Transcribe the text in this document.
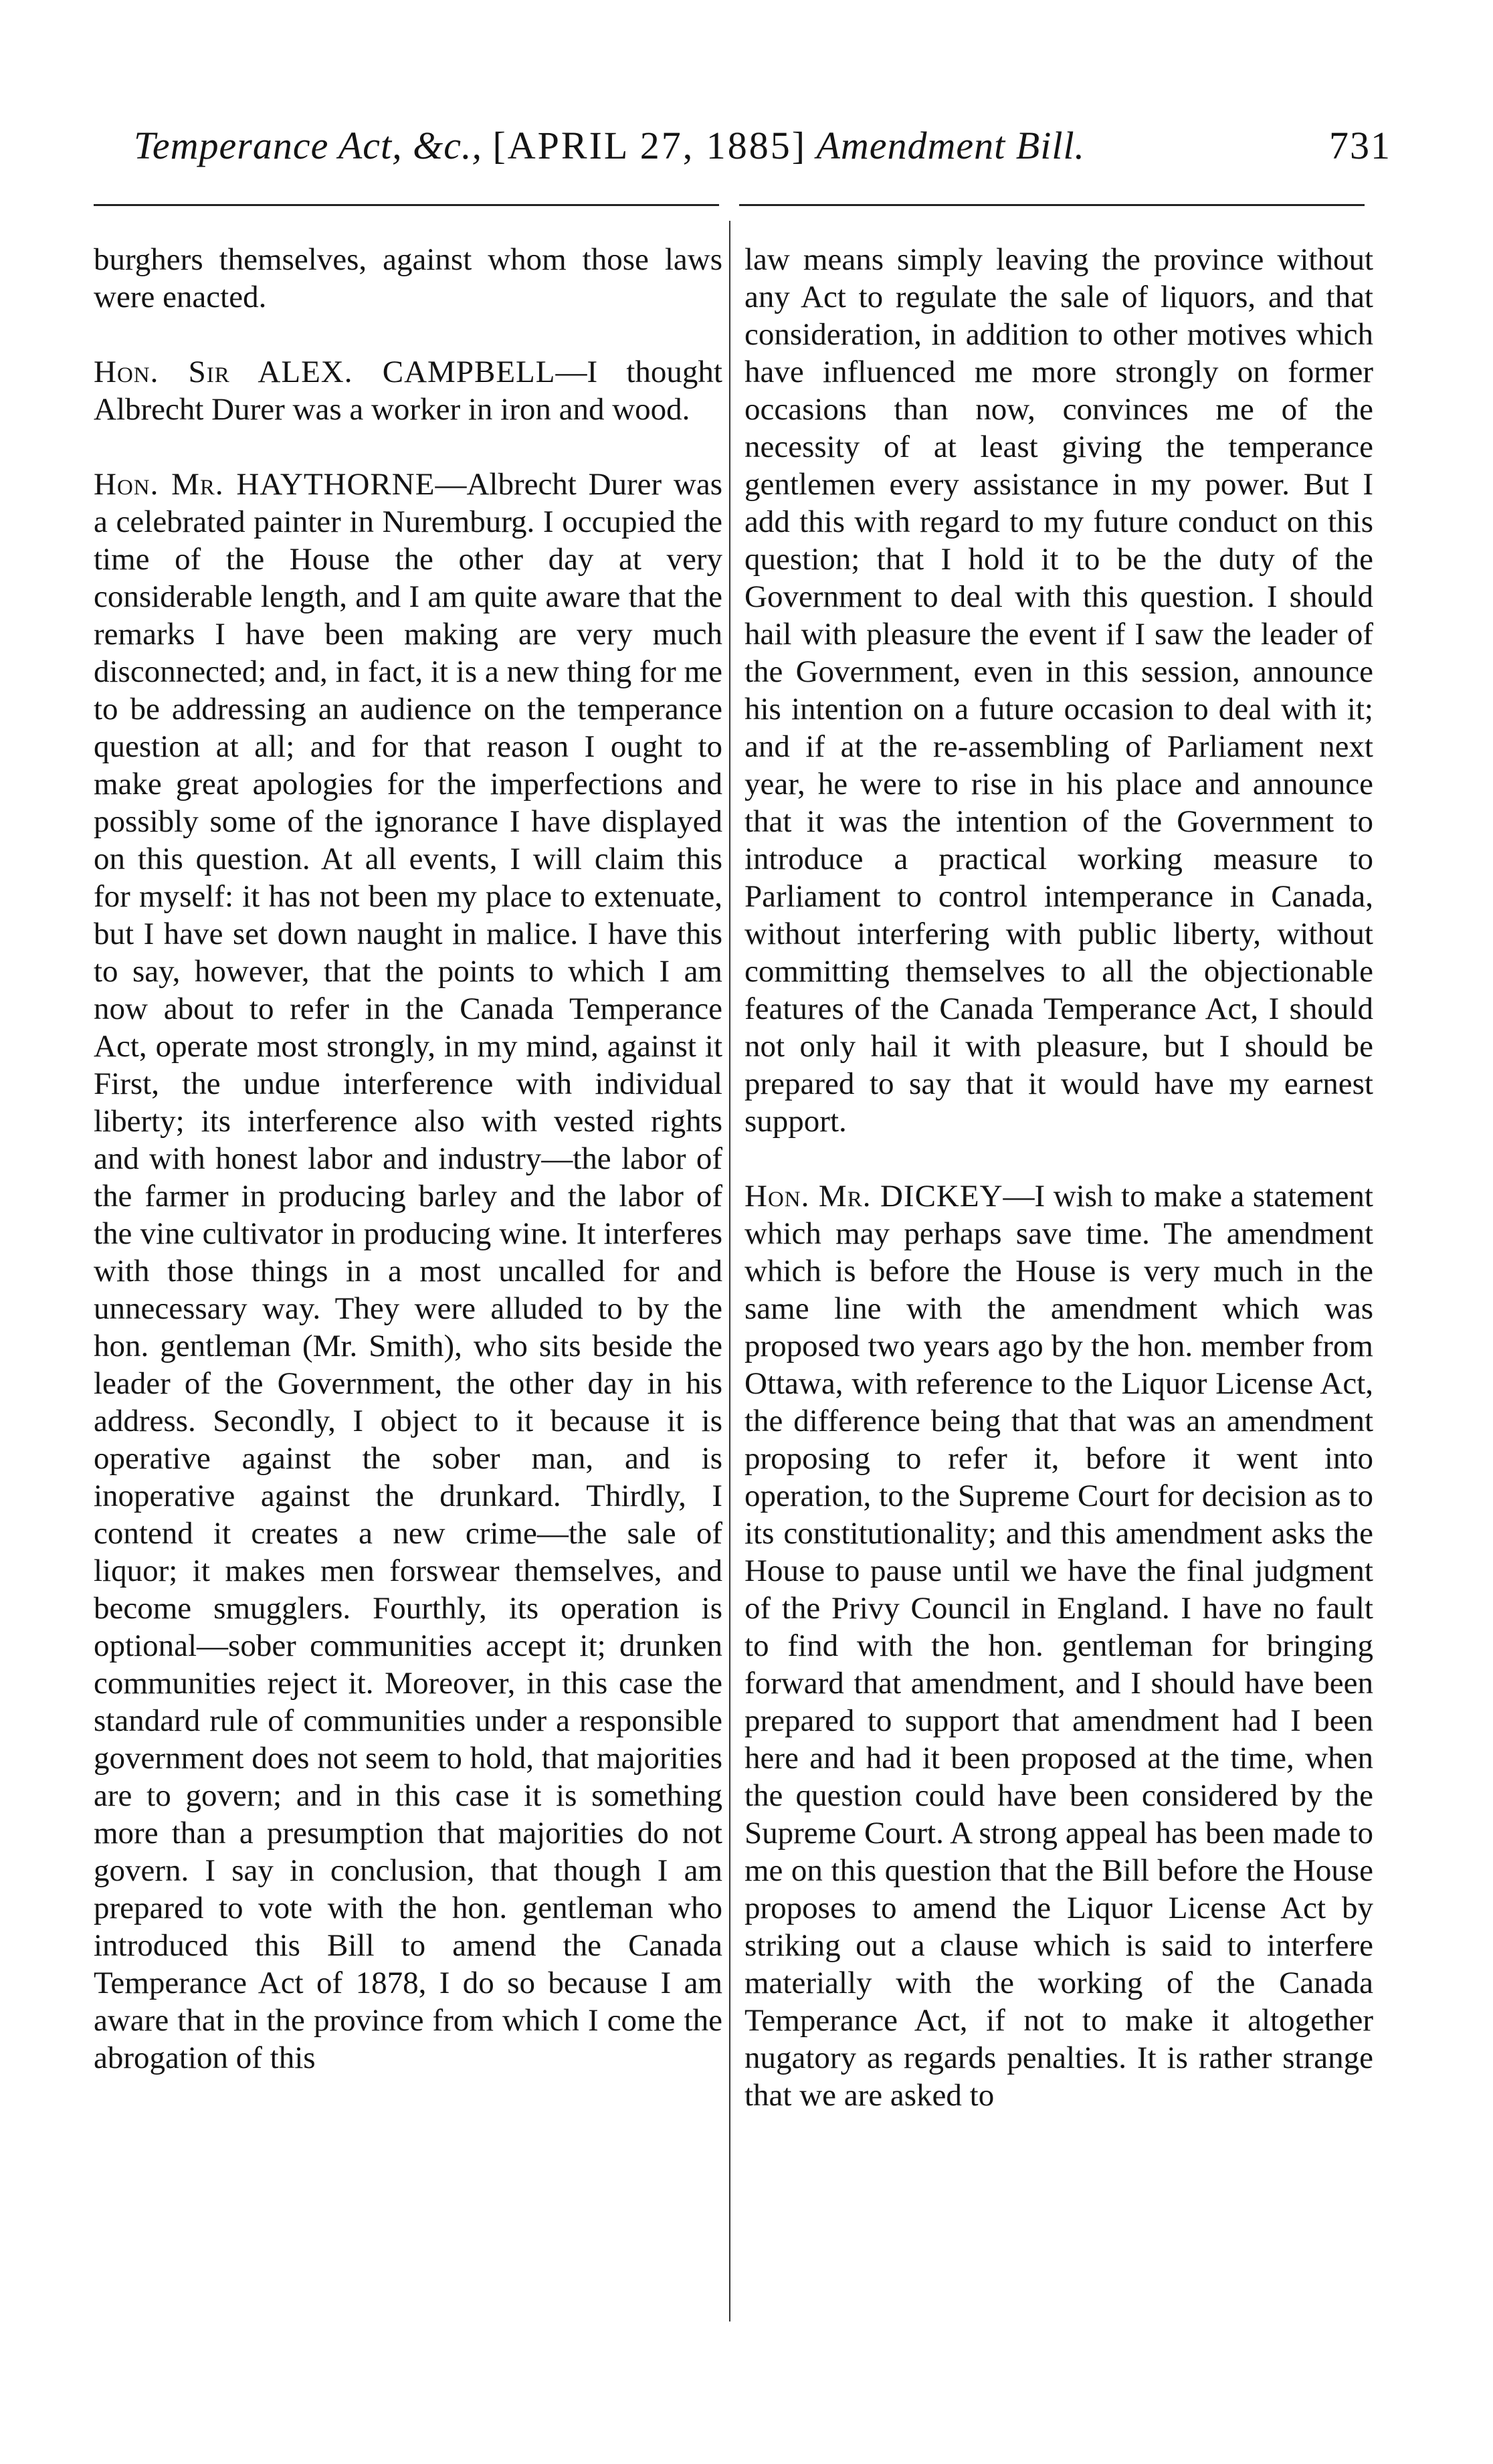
Temperance Act, &c., [APRIL 27, 1885] Amendment Bill.	731

burghers themselves, against whom those laws were enacted.

Hon. Sir ALEX. CAMPBELL—I thought Albrecht Durer was a worker in iron and wood.

Hon. Mr. HAYTHORNE—Albrecht Durer was a celebrated painter in Nuremburg. I occupied the time of the House the other day at very considerable length, and I am quite aware that the remarks I have been making are very much disconnected; and, in fact, it is a new thing for me to be addressing an audience on the temperance question at all; and for that reason I ought to make great apologies for the imperfections and possibly some of the ignorance I have displayed on this question. At all events, I will claim this for myself: it has not been my place to extenuate, but I have set down naught in malice. I have this to say, however, that the points to which I am now about to refer in the Canada Temperance Act, operate most strongly, in my mind, against it First, the undue interference with individual liberty; its interference also with vested rights and with honest labor and industry—the labor of the farmer in producing barley and the labor of the vine cultivator in producing wine. It interferes with those things in a most uncalled for and unnecessary way. They were alluded to by the hon. gentleman (Mr. Smith), who sits beside the leader of the Government, the other day in his address. Secondly, I object to it because it is operative against the sober man, and is inoperative against the drunkard. Thirdly, I contend it creates a new crime—the sale of liquor; it makes men forswear themselves, and become smugglers. Fourthly, its operation is optional—sober communities accept it; drunken communities reject it. Moreover, in this case the standard rule of communities under a responsible government does not seem to hold, that majorities are to govern; and in this case it is something more than a presumption that majorities do not govern. I say in conclusion, that though I am prepared to vote with the hon. gentleman who introduced this Bill to amend the Canada Temperance Act of 1878, I do so because I am aware that in the province from which I come the abrogation of this

law means simply leaving the province without any Act to regulate the sale of liquors, and that consideration, in addition to other motives which have influenced me more strongly on former occasions than now, convinces me of the necessity of at least giving the temperance gentlemen every assistance in my power. But I add this with regard to my future conduct on this question; that I hold it to be the duty of the Government to deal with this question. I should hail with pleasure the event if I saw the leader of the Government, even in this session, announce his intention on a future occasion to deal with it; and if at the re-assembling of Parliament next year, he were to rise in his place and announce that it was the intention of the Government to introduce a practical working measure to Parliament to control intemperance in Canada, without interfering with public liberty, without committing themselves to all the objectionable features of the Canada Temperance Act, I should not only hail it with pleasure, but I should be prepared to say that it would have my earnest support.

Hon. Mr. DICKEY—I wish to make a statement which may perhaps save time. The amendment which is before the House is very much in the same line with the amendment which was proposed two years ago by the hon. member from Ottawa, with reference to the Liquor License Act, the difference being that that was an amendment proposing to refer it, before it went into operation, to the Supreme Court for decision as to its constitutionality; and this amendment asks the House to pause until we have the final judgment of the Privy Council in England. I have no fault to find with the hon. gentleman for bringing forward that amendment, and I should have been prepared to support that amendment had I been here and had it been proposed at the time, when the question could have been considered by the Supreme Court. A strong appeal has been made to me on this question that the Bill before the House proposes to amend the Liquor License Act by striking out a clause which is said to interfere materially with the working of the Canada Temperance Act, if not to make it altogether nugatory as regards penalties. It is rather strange that we are asked to
